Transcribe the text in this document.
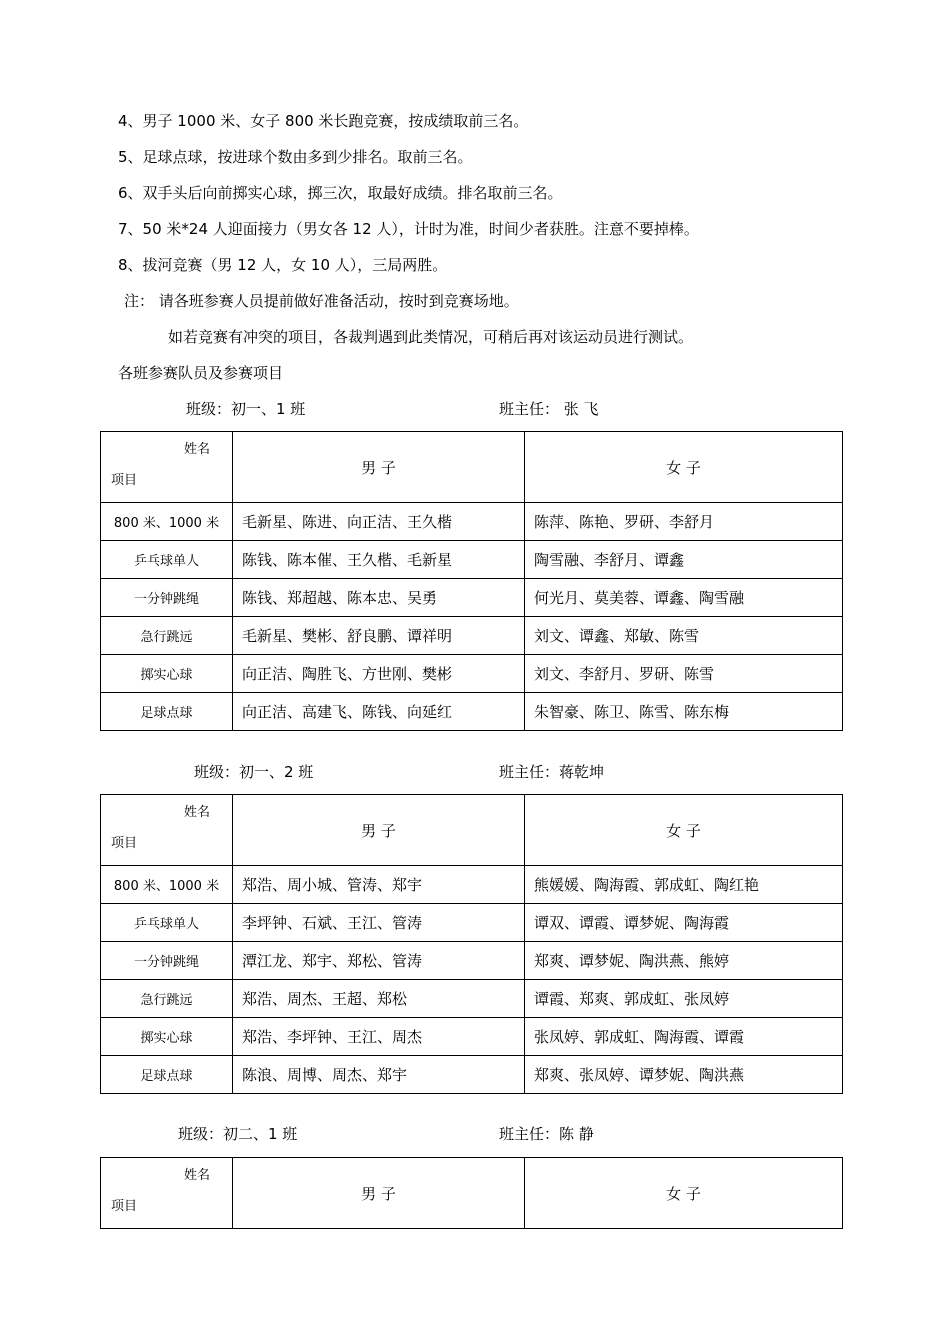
4、男子 1000 米、女子 800 米长跑竞赛，按成绩取前三名。
5、足球点球，按进球个数由多到少排名。取前三名。
6、双手头后向前掷实心球，掷三次，取最好成绩。排名取前三名。
7、50 米*24 人迎面接力（男女各 12 人），计时为准，时间少者获胜。注意不要掉棒。
8、拔河竞赛（男 12 人，女 10 人），三局两胜。
注： 请各班参赛人员提前做好准备活动，按时到竞赛场地。
如若竞赛有冲突的项目，各裁判遇到此类情况，可稍后再对该运动员进行测试。
各班参赛队员及参赛项目
班级：初一、1 班	班主任： 张 飞
姓名
项目	男 子	女 子
800 米、1000 米	毛新星、陈进、向正洁、王久楷	陈萍、陈艳、罗研、李舒月
乒乓球单人	陈钱、陈本催、王久楷、毛新星	陶雪融、李舒月、谭鑫
一分钟跳绳	陈钱、郑超越、陈本忠、吴勇	何光月、莫美蓉、谭鑫、陶雪融
急行跳远	毛新星、樊彬、舒良鹏、谭祥明	刘文、谭鑫、郑敏、陈雪
掷实心球	向正洁、陶胜飞、方世刚、樊彬	刘文、李舒月、罗研、陈雪
足球点球	向正洁、高建飞、陈钱、向延红	朱智豪、陈卫、陈雪、陈东梅
班级：初一、2 班	班主任：蒋乾坤
姓名
项目	男 子	女 子
800 米、1000 米	郑浩、周小城、管涛、郑宇	熊媛媛、陶海霞、郭成虹、陶红艳
乒乓球单人	李坪钟、石斌、王江、管涛	谭双、谭霞、谭梦妮、陶海霞
一分钟跳绳	潭江龙、郑宇、郑松、管涛	郑爽、谭梦妮、陶洪燕、熊婷
急行跳远	郑浩、周杰、王超、郑松	谭霞、郑爽、郭成虹、张凤婷
掷实心球	郑浩、李坪钟、王江、周杰	张凤婷、郭成虹、陶海霞、谭霞
足球点球	陈浪、周博、周杰、郑宇	郑爽、张凤婷、谭梦妮、陶洪燕
班级：初二、1 班	班主任：陈 静
姓名
项目
	男 子	女 子
